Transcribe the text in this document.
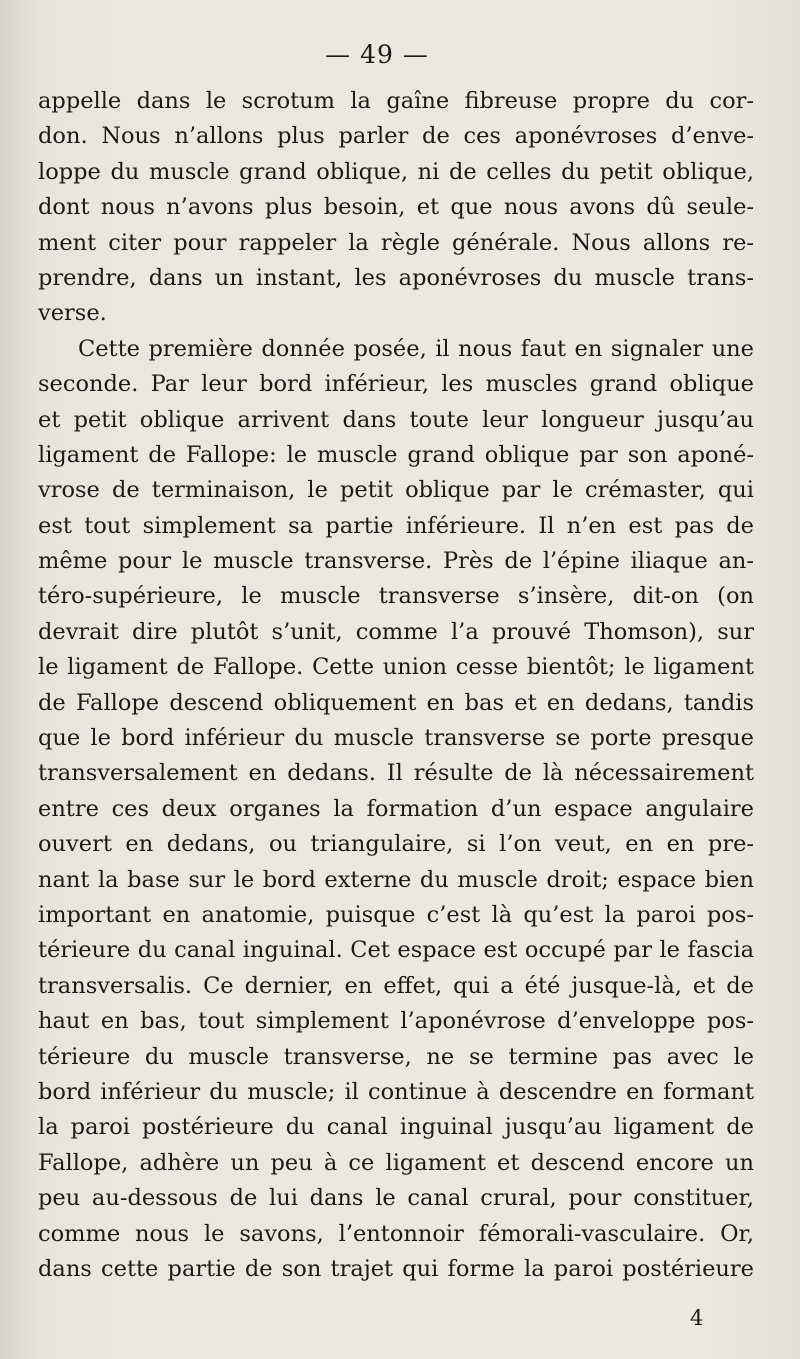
— 49 —
appelle dans le scrotum la gaîne fibreuse propre du cor-
don. Nous n’allons plus parler de ces aponévroses d’enve-
loppe du muscle grand oblique, ni de celles du petit oblique,
dont nous n’avons plus besoin, et que nous avons dû seule-
ment citer pour rappeler la règle générale. Nous allons re-
prendre, dans un instant, les aponévroses du muscle trans-
verse.
Cette première donnée posée, il nous faut en signaler une
seconde. Par leur bord inférieur, les muscles grand oblique
et petit oblique arrivent dans toute leur longueur jusqu’au
ligament de Fallope: le muscle grand oblique par son aponé-
vrose de terminaison, le petit oblique par le crémaster, qui
est tout simplement sa partie inférieure. Il n’en est pas de
même pour le muscle transverse. Près de l’épine iliaque an-
téro-supérieure, le muscle transverse s’insère, dit-on (on
devrait dire plutôt s’unit, comme l’a prouvé Thomson), sur
le ligament de Fallope. Cette union cesse bientôt; le ligament
de Fallope descend obliquement en bas et en dedans, tandis
que le bord inférieur du muscle transverse se porte presque
transversalement en dedans. Il résulte de là nécessairement
entre ces deux organes la formation d’un espace angulaire
ouvert en dedans, ou triangulaire, si l’on veut, en en pre-
nant la base sur le bord externe du muscle droit; espace bien
important en anatomie, puisque c’est là qu’est la paroi pos-
térieure du canal inguinal. Cet espace est occupé par le fascia
transversalis. Ce dernier, en effet, qui a été jusque-là, et de
haut en bas, tout simplement l’aponévrose d’enveloppe pos-
térieure du muscle transverse, ne se termine pas avec le
bord inférieur du muscle; il continue à descendre en formant
la paroi postérieure du canal inguinal jusqu’au ligament de
Fallope, adhère un peu à ce ligament et descend encore un
peu au-dessous de lui dans le canal crural, pour constituer,
comme nous le savons, l’entonnoir fémorali-vasculaire. Or,
dans cette partie de son trajet qui forme la paroi postérieure
4
